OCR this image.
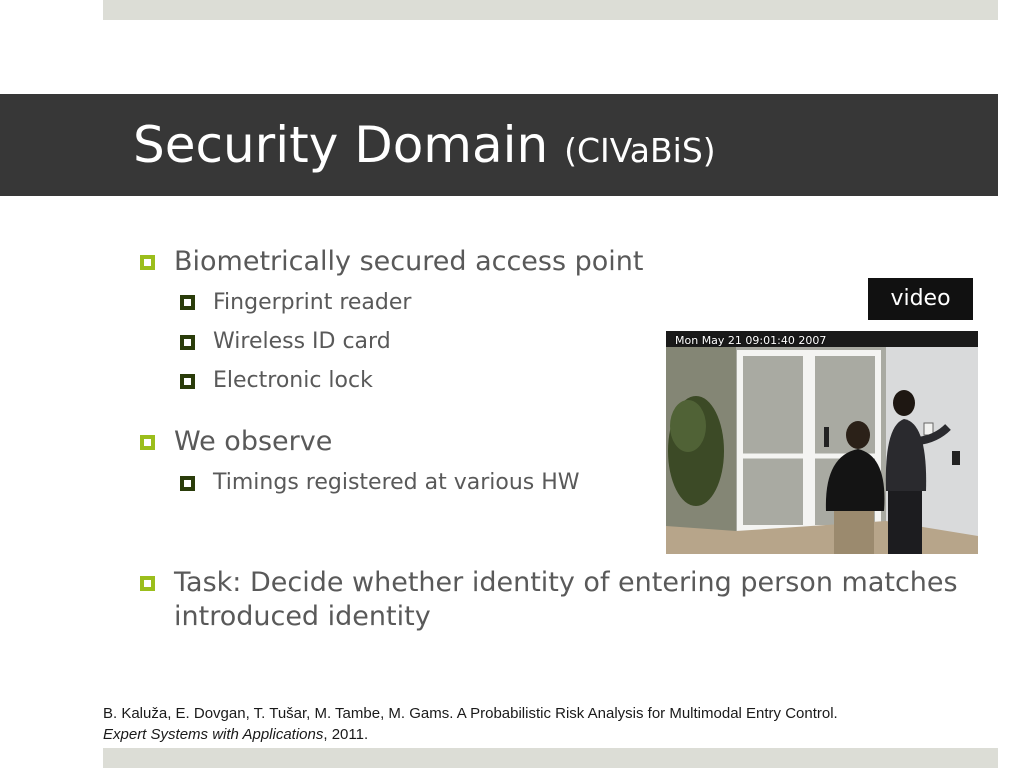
Security Domain (CIVaBiS)
Biometrically secured access point
Fingerprint reader
Wireless ID card
Electronic lock
We observe
Timings registered at various HW
Task: Decide whether identity of entering person matches
introduced identity
video
Mon May 21 09:01:40 2007
B. Kaluža, E. Dovgan, T. Tušar, M. Tambe, M. Gams. A Probabilistic Risk Analysis for Multimodal Entry Control.
Expert Systems with Applications, 2011.
